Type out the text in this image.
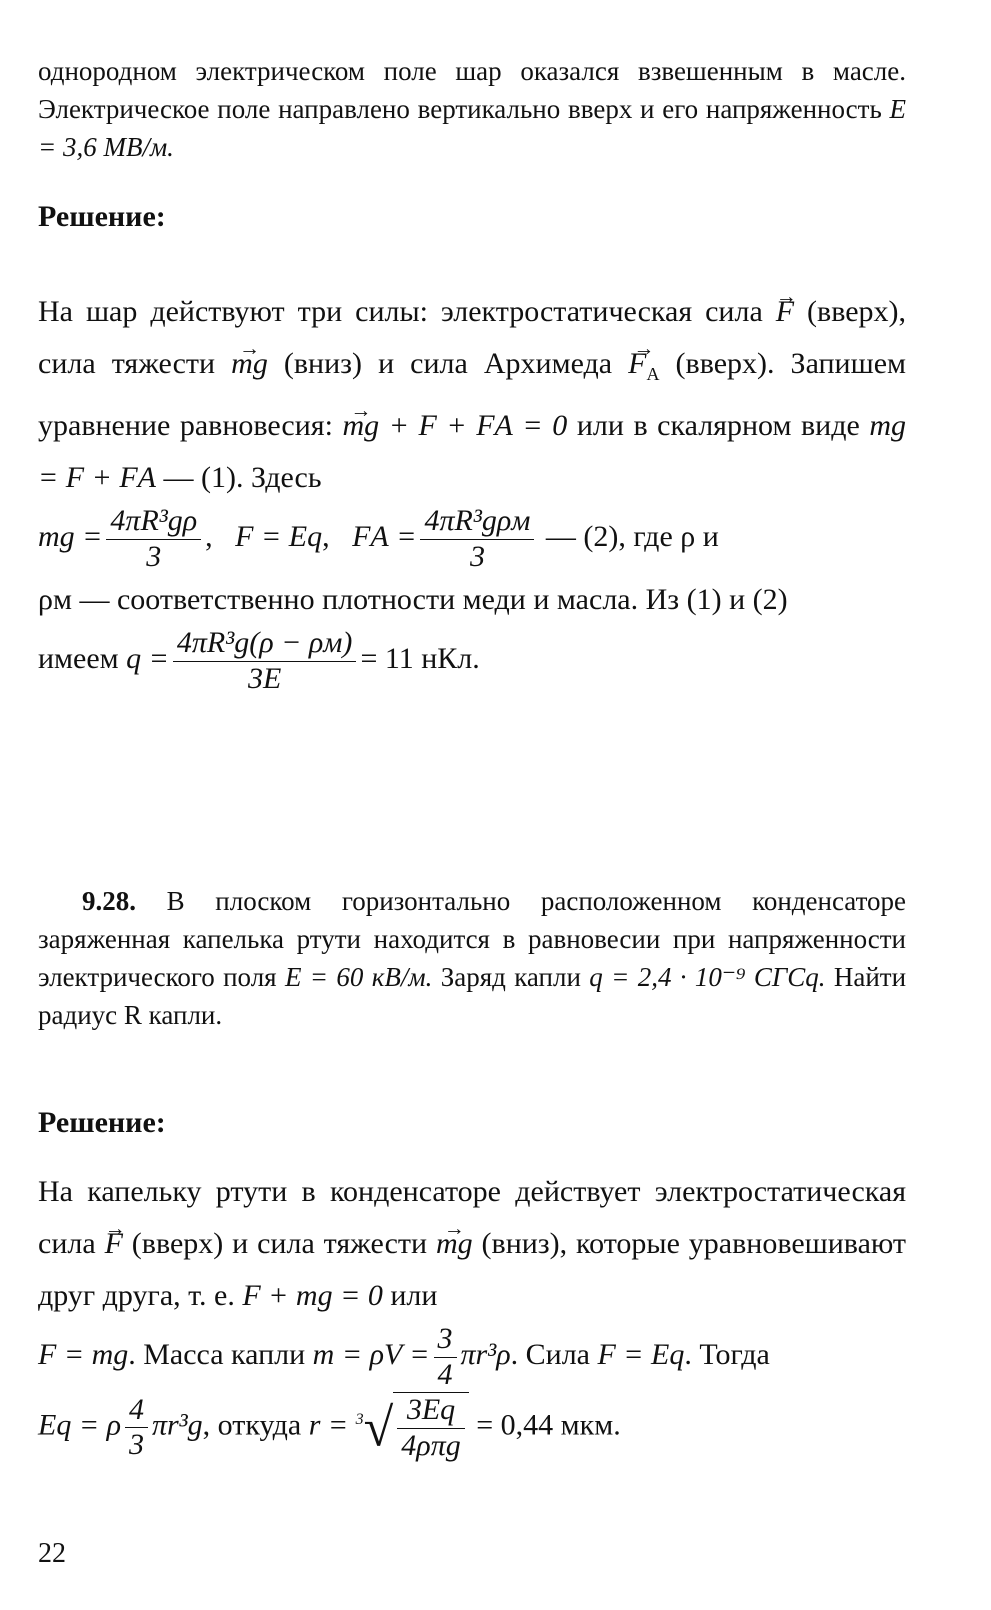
однородном электрическом поле шар оказался взвешенным в масле. Электрическое поле направлено вертикально вверх и его напряженность E = 3,6 МВ/м.

Решение:

На шар действуют три силы: электростатическая сила → F (вверх), сила тяжести → mg (вниз) и сила Архимеда → $F_А$ (вверх). Запишем уравнение равновесия: → mg + F + FА = 0 или в скалярном виде mg = F + FА — (1). Здесь
mg = $\frac{\text{4πR³gρ}}{3}$ ,   F = Eq,   FА = $\frac{\text{4πR³gρм}}{3}$ — (2), где ρ и
ρм — соответственно плотности меди и масла. Из (1) и (2)
имеем $q = \frac{\text{4πR³g(ρ − ρм)}}{3E} = 11$ нКл.

9.28. В плоском горизонтально расположенном конденсаторе заряженная капелька ртути находится в равновесии при напряженности электрического поля E = 60 кВ/м. Заряд капли q = 2,4 · 10⁻⁹ СГСq. Найти радиус R капли.

Решение:

На капельку ртути в конденсаторе действует электростатическая сила → F (вверх) и сила тяжести → mg (вниз), которые уравновешивают друг друга, т. е. F + mg = 0 или
F = mg. Масса капли $m = \rho V = \frac{3}{4} \pi r^3\rho$. Сила F = Eq. Тогда
Eq = ρ $\frac{4}{3} \pi r^3g$, откуда $r = ^3√ \frac{3Eq}{\text{4ρπg}} = 0,44$ мкм.

22
